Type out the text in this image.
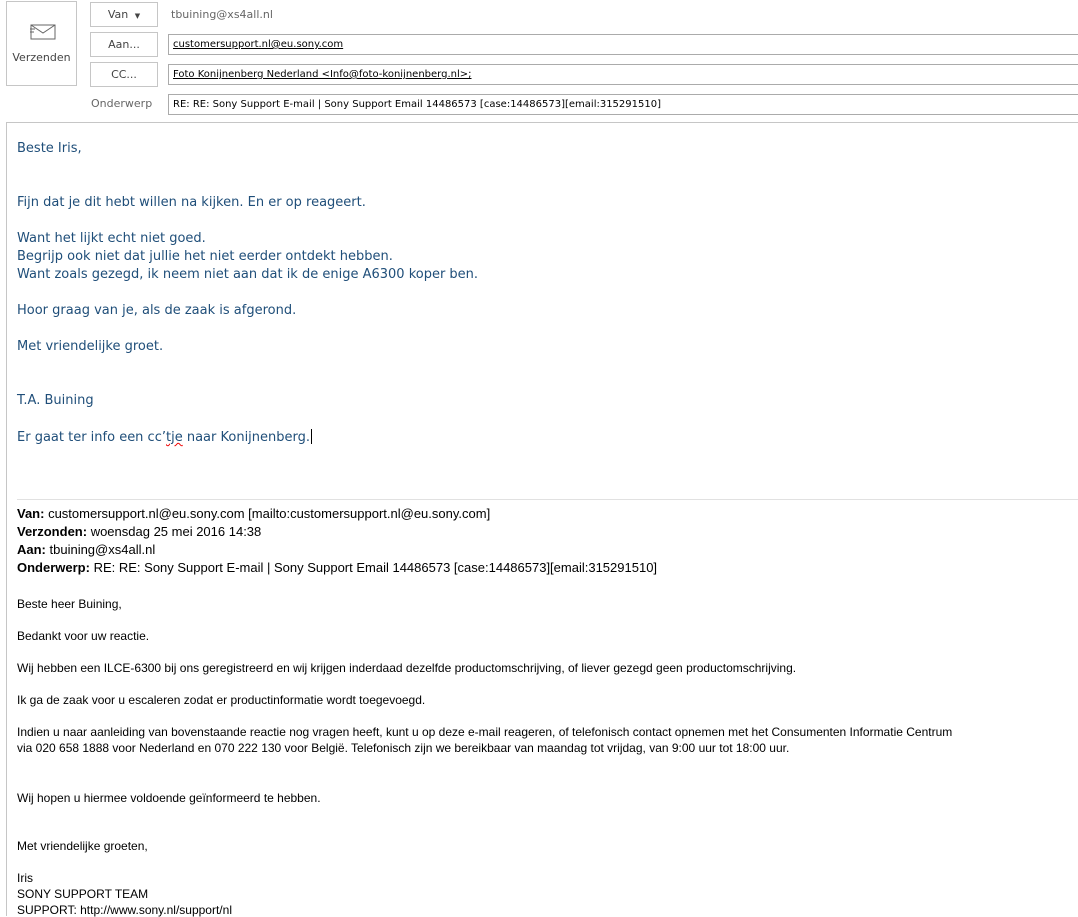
Verzenden
Van ▼	tbuining@xs4all.nl
Aan...	customersupport.nl@eu.sony.com
CC...	Foto Konijnenberg Nederland <Info@foto-konijnenberg.nl>;
Onderwerp	RE: RE: Sony Support E-mail | Sony Support Email 14486573 [case:14486573][email:315291510]
Beste Iris,
Fijn dat je dit hebt willen na kijken. En er op reageert.
Want het lijkt echt niet goed.
Begrijp ook niet dat jullie het niet eerder ontdekt hebben.
Want zoals gezegd, ik neem niet aan dat ik de enige A6300 koper ben.
Hoor graag van je, als de zaak is afgerond.
Met vriendelijke groet.
T.A. Buining
Er gaat ter info een cc’tje naar Konijnenberg.
Van: customersupport.nl@eu.sony.com [mailto:customersupport.nl@eu.sony.com]
Verzonden: woensdag 25 mei 2016 14:38
Aan: tbuining@xs4all.nl
Onderwerp: RE: RE: Sony Support E-mail | Sony Support Email 14486573 [case:14486573][email:315291510]
Beste heer Buining,
Bedankt voor uw reactie.
Wij hebben een ILCE-6300 bij ons geregistreerd en wij krijgen inderdaad dezelfde productomschrijving, of liever gezegd geen productomschrijving.
Ik ga de zaak voor u escaleren zodat er productinformatie wordt toegevoegd.
Indien u naar aanleiding van bovenstaande reactie nog vragen heeft, kunt u op deze e-mail reageren, of telefonisch contact opnemen met het Consumenten Informatie Centrum
via 020 658 1888 voor Nederland en 070 222 130 voor België. Telefonisch zijn we bereikbaar van maandag tot vrijdag, van 9:00 uur tot 18:00 uur.
Wij hopen u hiermee voldoende geïnformeerd te hebben.
Met vriendelijke groeten,
Iris
SONY SUPPORT TEAM
SUPPORT: http://www.sony.nl/support/nl
